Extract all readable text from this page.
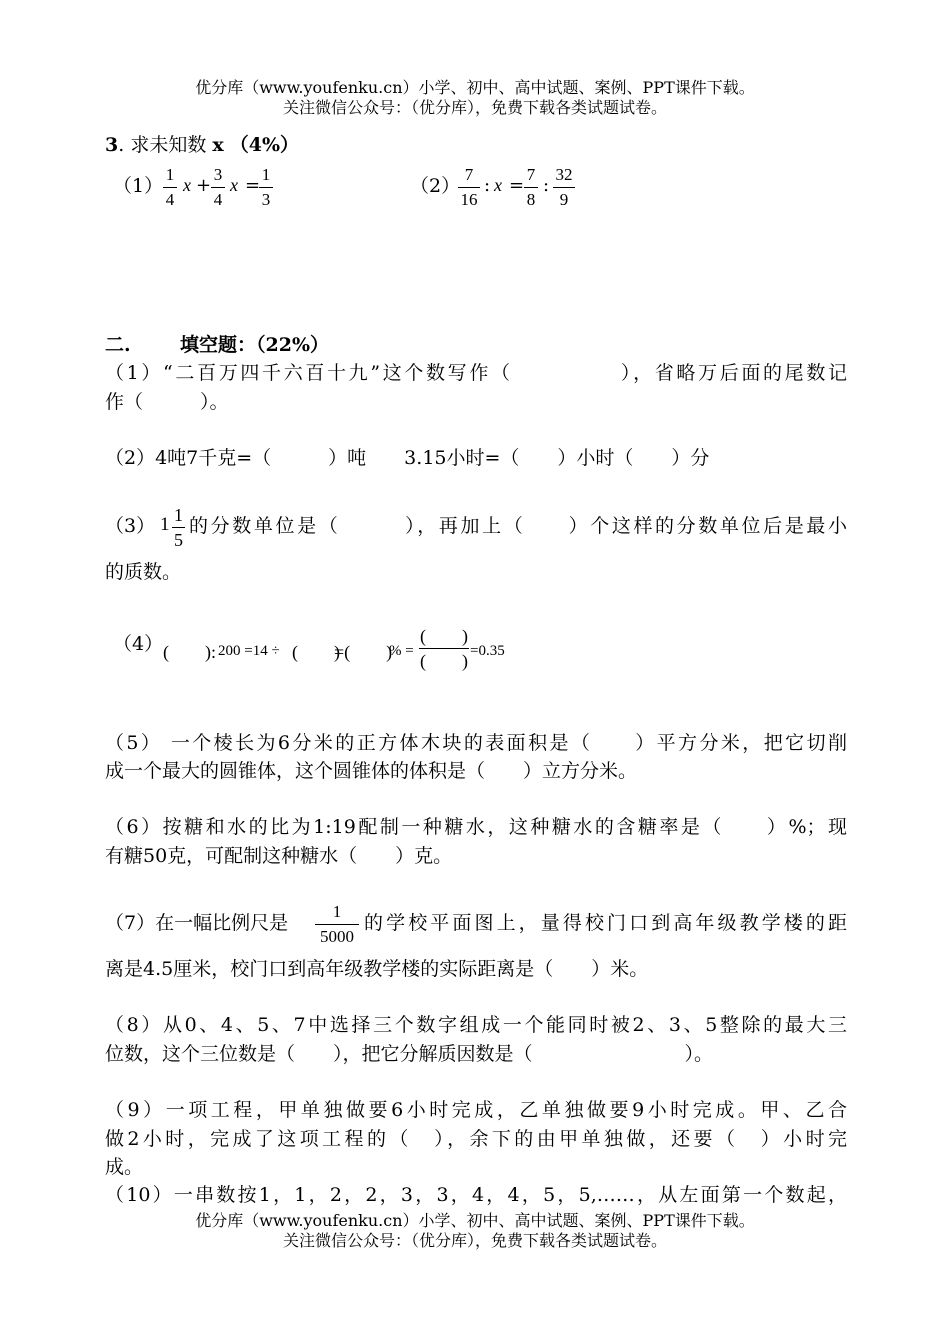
优分库（www.youfenku.cn）小学、初中、高中试题、案例、PPT课件下载。
关注微信公众号：（优分库），免费下载各类试题试卷。
3. 求未知数 x （4%）
（1）
1
4
x +
3
4
x =
1
3
（2）
7
16
: x =
7
8
:
32
9
二.	填空题：（22%）
（1）“二百万四千六百十九”这个数写作（　　　　　），省略万后面的尾数记
作（　　　）。
（2）4吨7千克=（　　　）吨　　3.15小时=（　　）小时（　　）分
（3） 1 1
5
的分数单位是（　　　），再加上（　　）个这样的分数单位后是最小
的质数。
（4） (　　): 200 =14 ÷ (　　)
=(　　)
% =
(　　)
(　　) =0.35
（5） 一个棱长为6分米的正方体木块的表面积是（　　）平方分米，把它切削
成一个最大的圆锥体，这个圆锥体的体积是（　　）立方分米。
（6）按糖和水的比为1:19配制一种糖水，这种糖水的含糖率是（　　）%；现
有糖50克，可配制这种糖水（　　）克。
（7）在一幅比例尺是
1
5000
的学校平面图上，量得校门口到高年级教学楼的距
离是4.5厘米，校门口到高年级教学楼的实际距离是（　　）米。
（8）从0、4、5、7中选择三个数字组成一个能同时被2、3、5整除的最大三
位数，这个三位数是（　　），把它分解质因数是（　　　　　　　　）。
（9）一项工程，甲单独做要6小时完成，乙单独做要9小时完成。甲、乙合
做2小时，完成了这项工程的（　），余下的由甲单独做，还要（　）小时完
成。
（10）一串数按1，1，2，2，3，3，4，4，5，5,……，从左面第一个数起，
优分库（www.youfenku.cn）小学、初中、高中试题、案例、PPT课件下载。
关注微信公众号：（优分库），免费下载各类试题试卷。
